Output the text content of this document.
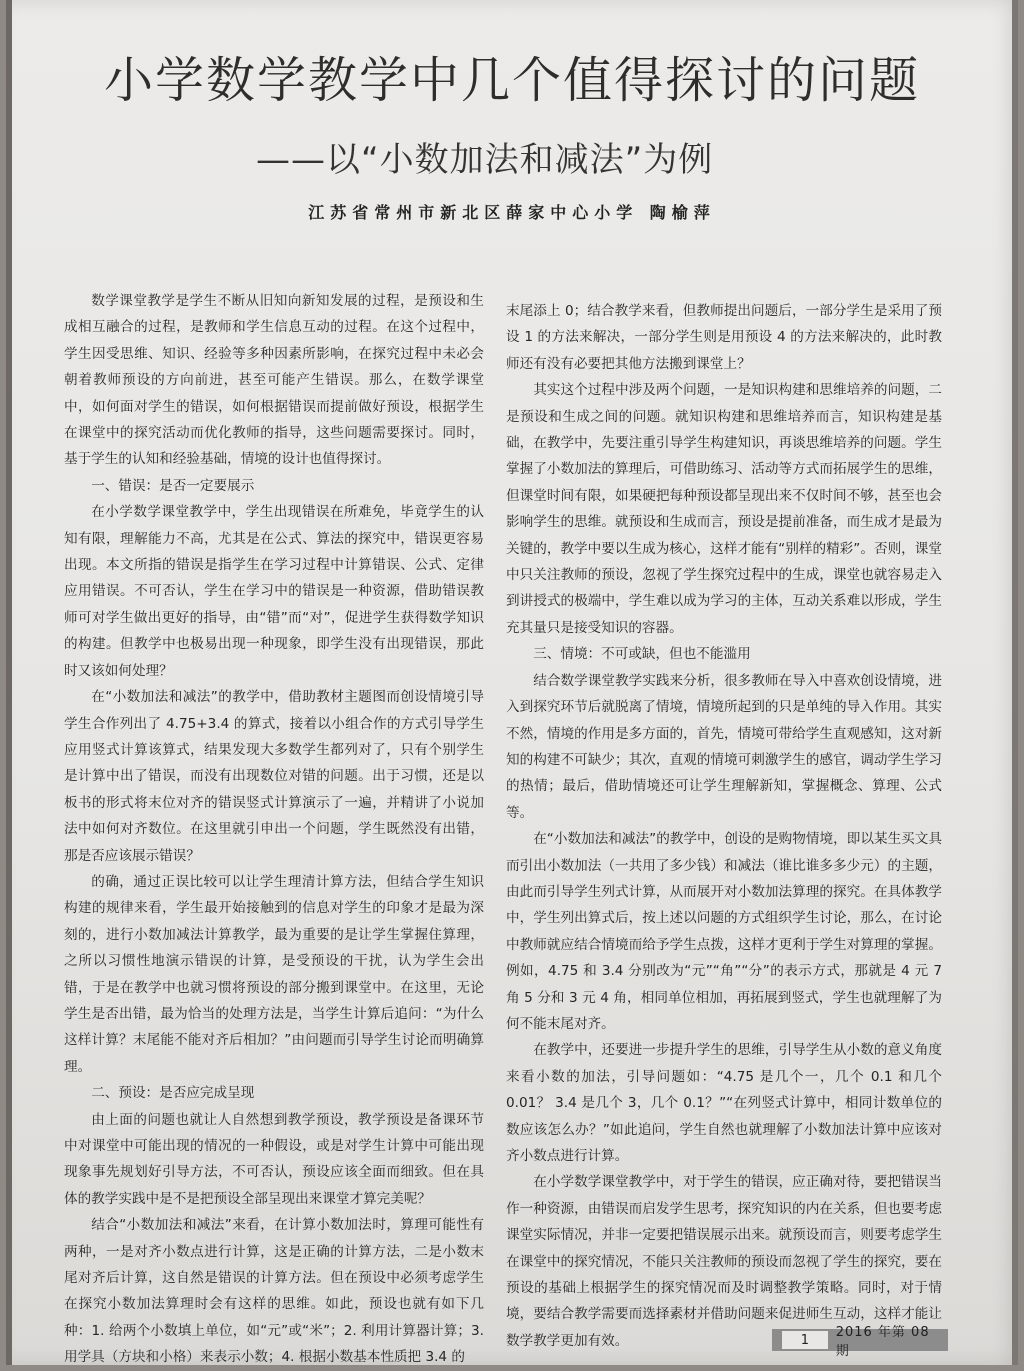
小学数学教学中几个值得探讨的问题
——以“小数加法和减法”为例
江苏省常州市新北区薛家中心小学 陶榆萍

数学课堂教学是学生不断从旧知向新知发展的过程，是预设和生成相互融合的过程，是教师和学生信息互动的过程。在这个过程中，学生因受思维、知识、经验等多种因素所影响，在探究过程中未必会朝着教师预设的方向前进，甚至可能产生错误。那么，在数学课堂中，如何面对学生的错误，如何根据错误而提前做好预设，根据学生在课堂中的探究活动而优化教师的指导，这些问题需要探讨。同时，基于学生的认知和经验基础，情境的设计也值得探讨。

一、错误：是否一定要展示

在小学数学课堂教学中，学生出现错误在所难免，毕竟学生的认知有限，理解能力不高，尤其是在公式、算法的探究中，错误更容易出现。本文所指的错误是指学生在学习过程中计算错误、公式、定律应用错误。不可否认，学生在学习中的错误是一种资源，借助错误教师可对学生做出更好的指导，由“错”而“对”，促进学生获得数学知识的构建。但教学中也极易出现一种现象，即学生没有出现错误，那此时又该如何处理？

在“小数加法和减法”的教学中，借助教材主题图而创设情境引导学生合作列出了 4.75+3.4 的算式，接着以小组合作的方式引导学生应用竖式计算该算式，结果发现大多数学生都列对了，只有个别学生是计算中出了错误，而没有出现数位对错的问题。出于习惯，还是以板书的形式将末位对齐的错误竖式计算演示了一遍，并精讲了小说加法中如何对齐数位。在这里就引申出一个问题，学生既然没有出错，那是否应该展示错误？

的确，通过正误比较可以让学生理清计算方法，但结合学生知识构建的规律来看，学生最开始接触到的信息对学生的印象才是最为深刻的，进行小数加减法计算教学，最为重要的是让学生掌握住算理，之所以习惯性地演示错误的计算，是受预设的干扰，认为学生会出错，于是在教学中也就习惯将预设的部分搬到课堂中。在这里，无论学生是否出错，最为恰当的处理方法是，当学生计算后追问：“为什么这样计算？末尾能不能对齐后相加？”由问题而引导学生讨论而明确算理。

二、预设：是否应完成呈现

由上面的问题也就让人自然想到教学预设，教学预设是备课环节中对课堂中可能出现的情况的一种假设，或是对学生计算中可能出现现象事先规划好引导方法，不可否认，预设应该全面而细致。但在具体的教学实践中是不是把预设全部呈现出来课堂才算完美呢？

结合“小数加法和减法”来看，在计算小数加法时，算理可能性有两种，一是对齐小数点进行计算，这是正确的计算方法，二是小数末尾对齐后计算，这自然是错误的计算方法。但在预设中必须考虑学生在探究小数加法算理时会有这样的思维。如此，预设也就有如下几种：1. 给两个小数填上单位，如“元”或“米”；2. 利用计算器计算；3. 用学具（方块和小格）来表示小数；4. 根据小数基本性质把 3.4 的

末尾添上 0；结合教学来看，但教师提出问题后，一部分学生是采用了预设 1 的方法来解决，一部分学生则是用预设 4 的方法来解决的，此时教师还有没有必要把其他方法搬到课堂上？

其实这个过程中涉及两个问题，一是知识构建和思维培养的问题，二是预设和生成之间的问题。就知识构建和思维培养而言，知识构建是基础，在教学中，先要注重引导学生构建知识，再谈思维培养的问题。学生掌握了小数加法的算理后，可借助练习、活动等方式而拓展学生的思维，但课堂时间有限，如果硬把每种预设都呈现出来不仅时间不够，甚至也会影响学生的思维。就预设和生成而言，预设是提前准备，而生成才是最为关键的，教学中要以生成为核心，这样才能有“别样的精彩”。否则，课堂中只关注教师的预设，忽视了学生探究过程中的生成，课堂也就容易走入到讲授式的极端中，学生难以成为学习的主体，互动关系难以形成，学生充其量只是接受知识的容器。

三、情境：不可或缺，但也不能滥用

结合数学课堂教学实践来分析，很多教师在导入中喜欢创设情境，进入到探究环节后就脱离了情境，情境所起到的只是单纯的导入作用。其实不然，情境的作用是多方面的，首先，情境可带给学生直观感知，这对新知的构建不可缺少；其次，直观的情境可刺激学生的感官，调动学生学习的热情；最后，借助情境还可让学生理解新知，掌握概念、算理、公式等。

在“小数加法和减法”的教学中，创设的是购物情境，即以某生买文具而引出小数加法（一共用了多少钱）和减法（谁比谁多多少元）的主题，由此而引导学生列式计算，从而展开对小数加法算理的探究。在具体教学中，学生列出算式后，按上述以问题的方式组织学生讨论，那么，在讨论中教师就应结合情境而给予学生点拨，这样才更利于学生对算理的掌握。例如，4.75 和 3.4 分别改为“元”“角”“分”的表示方式，那就是 4 元 7 角 5 分和 3 元 4 角，相同单位相加，再拓展到竖式，学生也就理解了为何不能末尾对齐。

在教学中，还要进一步提升学生的思维，引导学生从小数的意义角度来看小数的加法，引导问题如：“4.75 是几个一，几个 0.1 和几个 0.01？ 3.4 是几个 3，几个 0.1？”“在列竖式计算中，相同计数单位的数应该怎么办？”如此追问，学生自然也就理解了小数加法计算中应该对齐小数点进行计算。

在小学数学课堂教学中，对于学生的错误，应正确对待，要把错误当作一种资源，由错误而启发学生思考，探究知识的内在关系，但也要考虑课堂实际情况，并非一定要把错误展示出来。就预设而言，则要考虑学生在课堂中的探究情况，不能只关注教师的预设而忽视了学生的探究，要在预设的基础上根据学生的探究情况而及时调整教学策略。同时，对于情境，要结合教学需要而选择素材并借助问题来促进师生互动，这样才能让数学教学更加有效。	1	2016 年第 08 期
